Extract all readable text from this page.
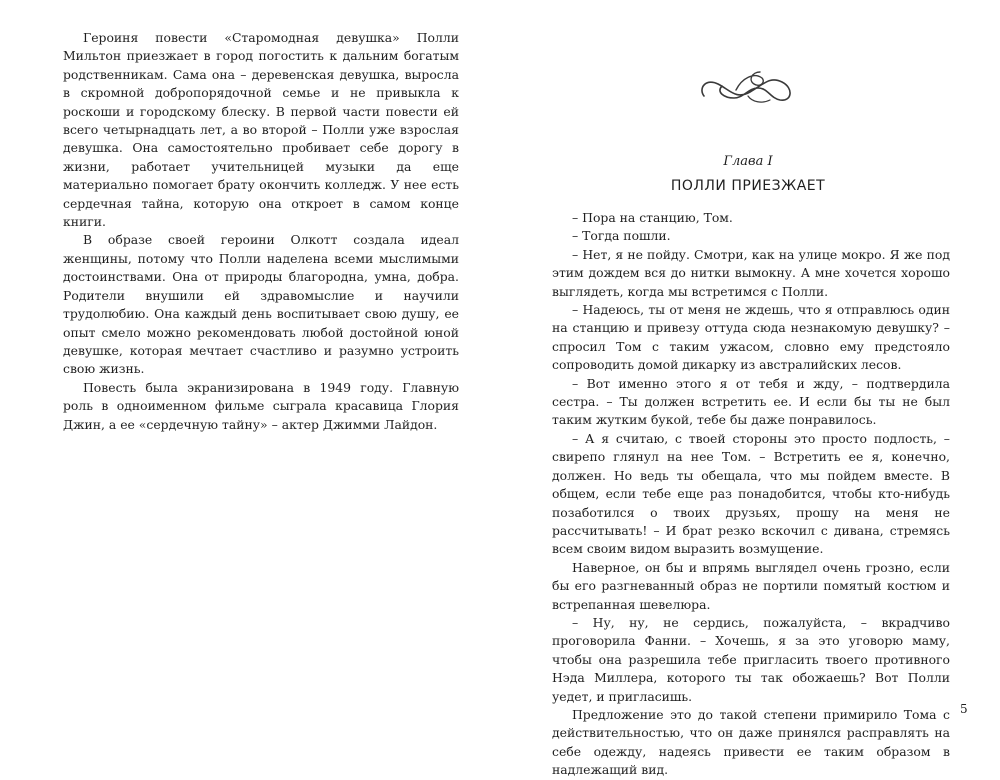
Героиня повести «Старомодная девушка» Полли Мильтон приезжает в город погостить к дальним богатым родственникам. Сама она – деревенская девушка, выросла в скромной добропорядочной семье и не привыкла к роскоши и городскому блеску. В первой части повести ей всего четырнадцать лет, а во второй – Полли уже взрослая девушка. Она самостоятельно пробивает себе дорогу в жизни, работает учительницей музыки да еще материально помогает брату окончить колледж. У нее есть сердечная тайна, которую она откроет в самом конце книги.

В образе своей героини Олкотт создала идеал женщины, потому что Полли наделена всеми мыслимыми достоинствами. Она от природы благородна, умна, добра. Родители внушили ей здравомыслие и научили трудолюбию. Она каждый день воспитывает свою душу, ее опыт смело можно рекомендовать любой достойной юной девушке, которая мечтает счастливо и разумно устроить свою жизнь.

Повесть была экранизирована в 1949 году. Главную роль в одноименном фильме сыграла красавица Глория Джин, а ее «сердечную тайну» – актер Джимми Лайдон.

Глава I
ПОЛЛИ ПРИЕЗЖАЕТ

– Пора на станцию, Том.

– Тогда пошли.

– Нет, я не пойду. Смотри, как на улице мокро. Я же под этим дождем вся до нитки вымокну. А мне хочется хорошо выглядеть, когда мы встретимся с Полли.

– Надеюсь, ты от меня не ждешь, что я отправлюсь один на станцию и привезу оттуда сюда незнакомую девушку? – спросил Том с таким ужасом, словно ему предстояло сопроводить домой дикарку из австралийских лесов.

– Вот именно этого я от тебя и жду, – подтвердила сестра. – Ты должен встретить ее. И если бы ты не был таким жутким букой, тебе бы даже понравилось.

– А я считаю, с твоей стороны это просто подлость, – свирепо глянул на нее Том. – Встретить ее я, конечно, должен. Но ведь ты обещала, что мы пойдем вместе. В общем, если тебе еще раз понадобится, чтобы кто-нибудь позаботился о твоих друзьях, прошу на меня не рассчитывать! – И брат резко вскочил с дивана, стремясь всем своим видом выразить возмущение.

Наверное, он бы и впрямь выглядел очень грозно, если бы его разгневанный образ не портили помятый костюм и встрепанная шевелюра.

– Ну, ну, не сердись, пожалуйста, – вкрадчиво проговорила Фанни. – Хочешь, я за это уговорю маму, чтобы она разрешила тебе пригласить твоего противного Нэда Миллера, которого ты так обожаешь? Вот Полли уедет, и пригласишь.

Предложение это до такой степени примирило Тома с действительностью, что он даже принялся расправлять на себе одежду, надеясь привести ее таким образом в надлежащий вид.

5
